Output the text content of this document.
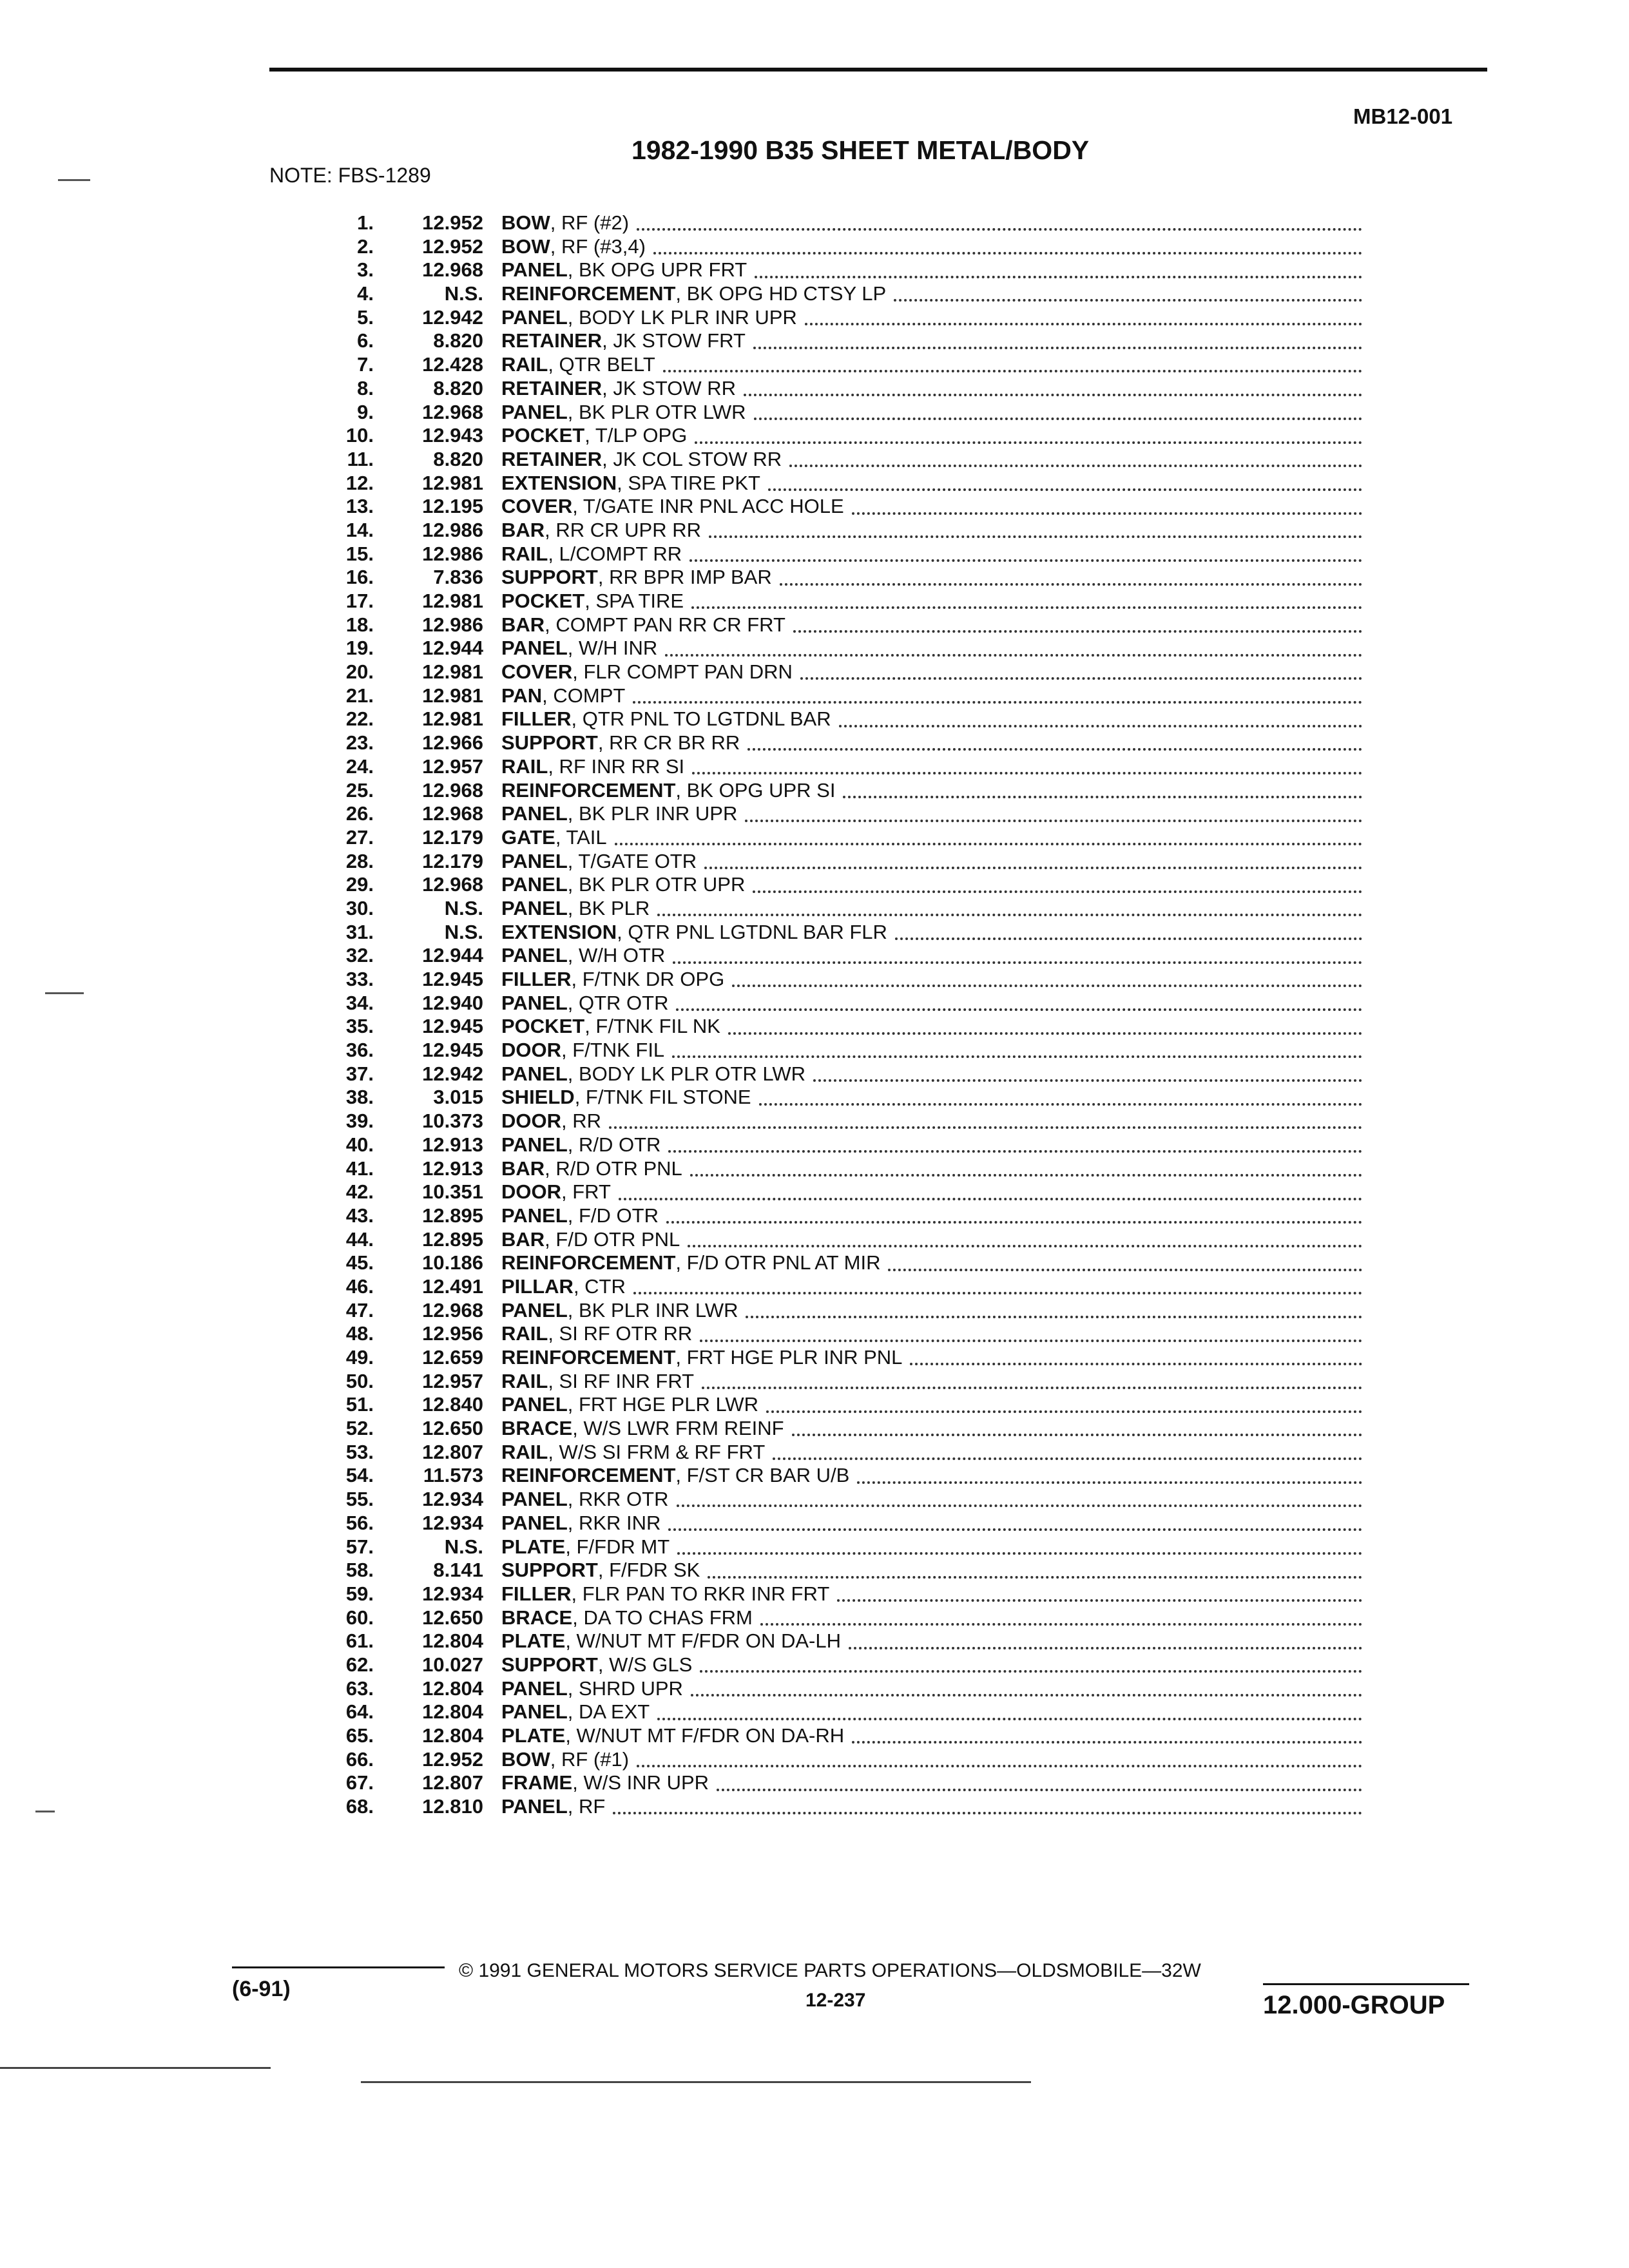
MB12-001
1982-1990 B35 SHEET METAL/BODY
NOTE: FBS-1289
1.	12.952 BOW , RF (#2)
2.	12.952 BOW , RF (#3,4)
3.	12.968 PANEL , BK OPG UPR FRT
4.	N.S. REINFORCEMENT , BK OPG HD CTSY LP
5.	12.942 PANEL , BODY LK PLR INR UPR
6.	8.820 RETAINER , JK STOW FRT
7.	12.428 RAIL , QTR BELT
8.	8.820 RETAINER , JK STOW RR
9.	12.968 PANEL , BK PLR OTR LWR
10.	12.943 POCKET , T/LP OPG
11.	8.820 RETAINER , JK COL STOW RR
12.	12.981 EXTENSION , SPA TIRE PKT
13.	12.195 COVER , T/GATE INR PNL ACC HOLE
14.	12.986 BAR , RR CR UPR RR
15.	12.986 RAIL , L/COMPT RR
16.	7.836 SUPPORT , RR BPR IMP BAR
17.	12.981 POCKET , SPA TIRE
18.	12.986 BAR , COMPT PAN RR CR FRT
19.	12.944 PANEL , W/H INR
20.	12.981 COVER , FLR COMPT PAN DRN
21.	12.981 PAN , COMPT
22.	12.981 FILLER , QTR PNL TO LGTDNL BAR
23.	12.966 SUPPORT , RR CR BR RR
24.	12.957 RAIL , RF INR RR SI
25.	12.968 REINFORCEMENT , BK OPG UPR SI
26.	12.968 PANEL , BK PLR INR UPR
27.	12.179 GATE , TAIL
28.	12.179 PANEL , T/GATE OTR
29.	12.968 PANEL , BK PLR OTR UPR
30.	N.S. PANEL , BK PLR
31.	N.S. EXTENSION , QTR PNL LGTDNL BAR FLR
32.	12.944 PANEL , W/H OTR
33.	12.945 FILLER , F/TNK DR OPG
34.	12.940 PANEL , QTR OTR
35.	12.945 POCKET , F/TNK FIL NK
36.	12.945 DOOR , F/TNK FIL
37.	12.942 PANEL , BODY LK PLR OTR LWR
38.	3.015 SHIELD , F/TNK FIL STONE
39.	10.373 DOOR , RR
40.	12.913 PANEL , R/D OTR
41.	12.913 BAR , R/D OTR PNL
42.	10.351 DOOR , FRT
43.	12.895 PANEL , F/D OTR
44.	12.895 BAR , F/D OTR PNL
45.	10.186 REINFORCEMENT , F/D OTR PNL AT MIR
46.	12.491 PILLAR , CTR
47.	12.968 PANEL , BK PLR INR LWR
48.	12.956 RAIL , SI RF OTR RR
49.	12.659 REINFORCEMENT , FRT HGE PLR INR PNL
50.	12.957 RAIL , SI RF INR FRT
51.	12.840 PANEL , FRT HGE PLR LWR
52.	12.650 BRACE , W/S LWR FRM REINF
53.	12.807 RAIL , W/S SI FRM & RF FRT
54.	11.573 REINFORCEMENT , F/ST CR BAR U/B
55.	12.934 PANEL , RKR OTR
56.	12.934 PANEL , RKR INR
57.	N.S. PLATE , F/FDR MT
58.	8.141 SUPPORT , F/FDR SK
59.	12.934 FILLER , FLR PAN TO RKR INR FRT
60.	12.650 BRACE , DA TO CHAS FRM
61.	12.804 PLATE , W/NUT MT F/FDR ON DA-LH
62.	10.027 SUPPORT , W/S GLS
63.	12.804 PANEL , SHRD UPR
64.	12.804 PANEL , DA EXT
65.	12.804 PLATE , W/NUT MT F/FDR ON DA-RH
66.	12.952 BOW , RF (#1)
67.	12.807 FRAME , W/S INR UPR
68.	12.810 PANEL , RF
(6-91)
© 1991 GENERAL MOTORS SERVICE PARTS OPERATIONS—OLDSMOBILE—32W
12-237	12.000-GROUP
